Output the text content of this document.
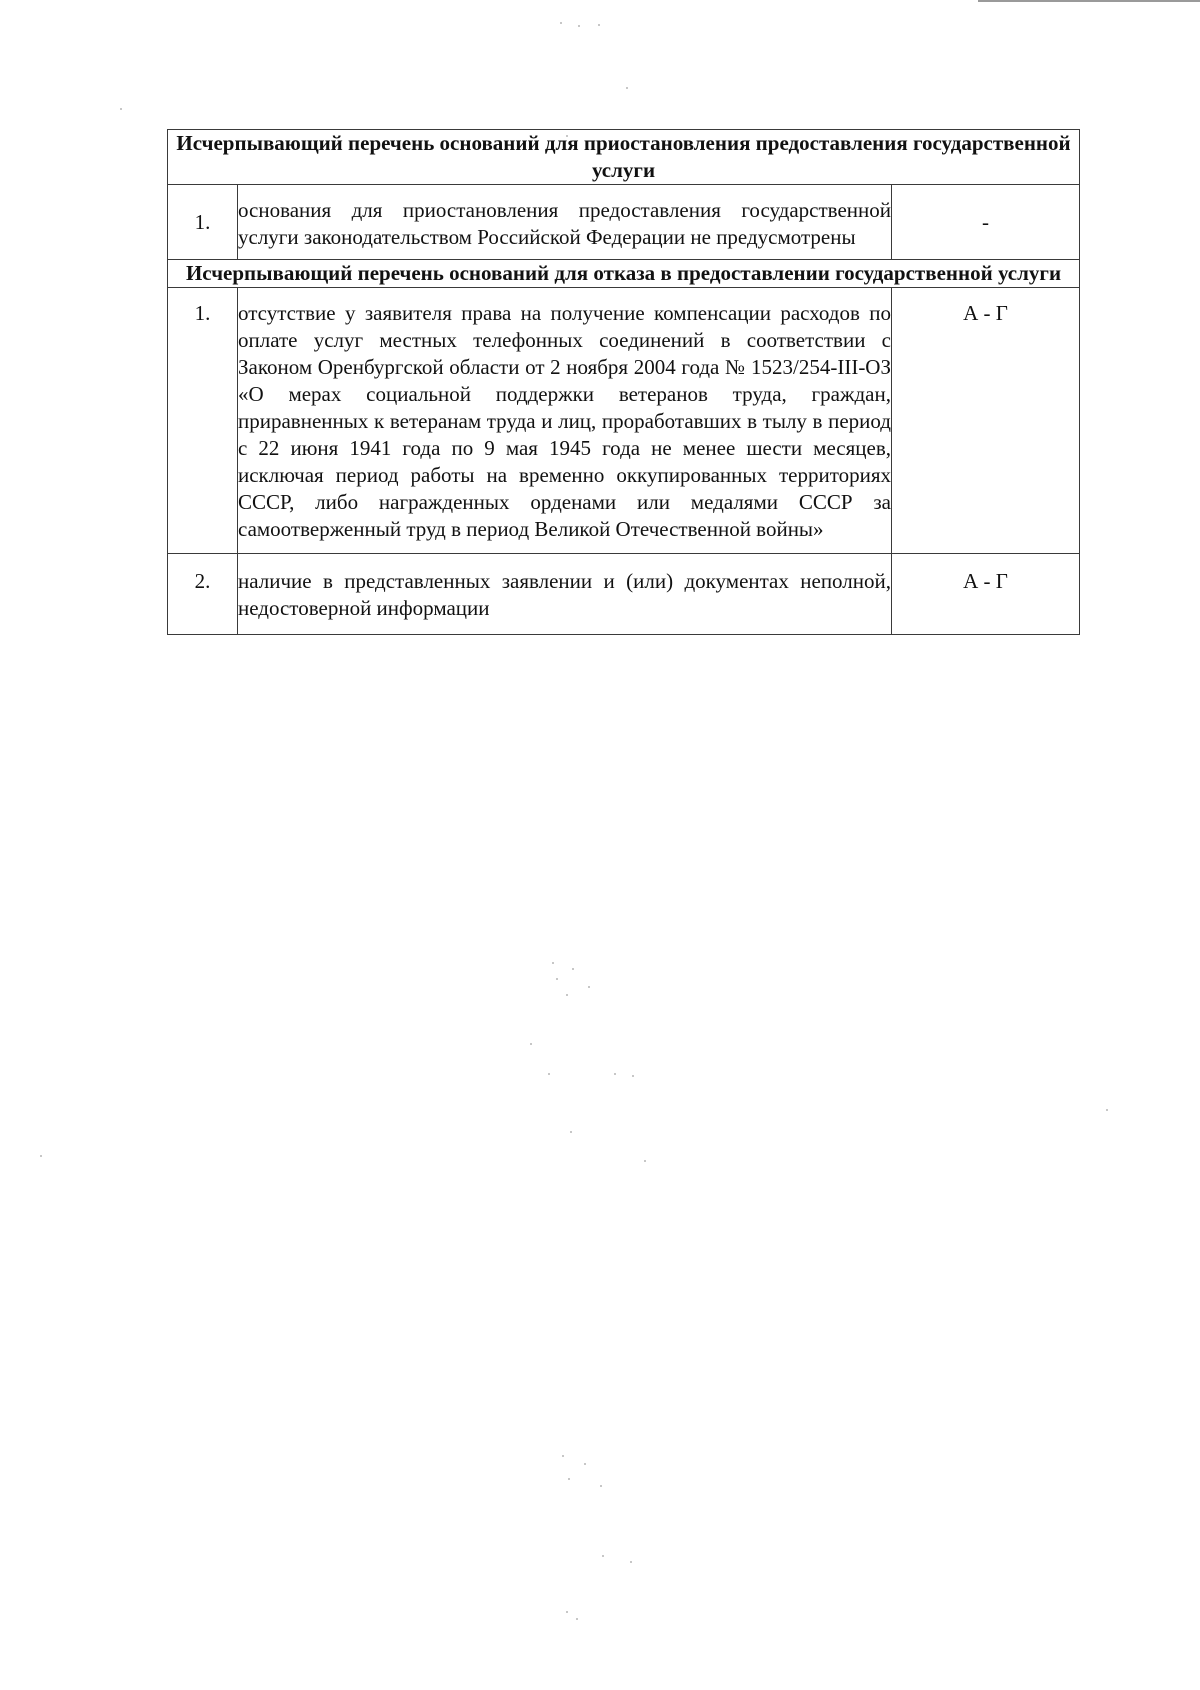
Исчерпывающий перечень оснований для приостановления предоставления государственной услуги		
1.	основания для приостановления предоставления государственной услуги законодательством Российской Федерации не предусмотрены	-
Исчерпывающий перечень оснований для отказа в предоставлении государственной услуги		
1.	отсутствие у заявителя права на получение компенсации расходов по оплате услуг местных телефонных соединений в соответствии с Законом Оренбургской области от 2 ноября 2004 года № 1523/254-III-ОЗ «О мерах социальной поддержки ветеранов труда, граждан, приравненных к ветеранам труда и лиц, проработавших в тылу в период с 22 июня 1941 года по 9 мая 1945 года не менее шести месяцев, исключая период работы на временно оккупированных территориях СССР, либо награжденных орденами или медалями СССР за самоотверженный труд в период Великой Отечественной войны»	А - Г
2.	наличие в представленных заявлении и (или) документах неполной, недостоверной информации	А - Г
